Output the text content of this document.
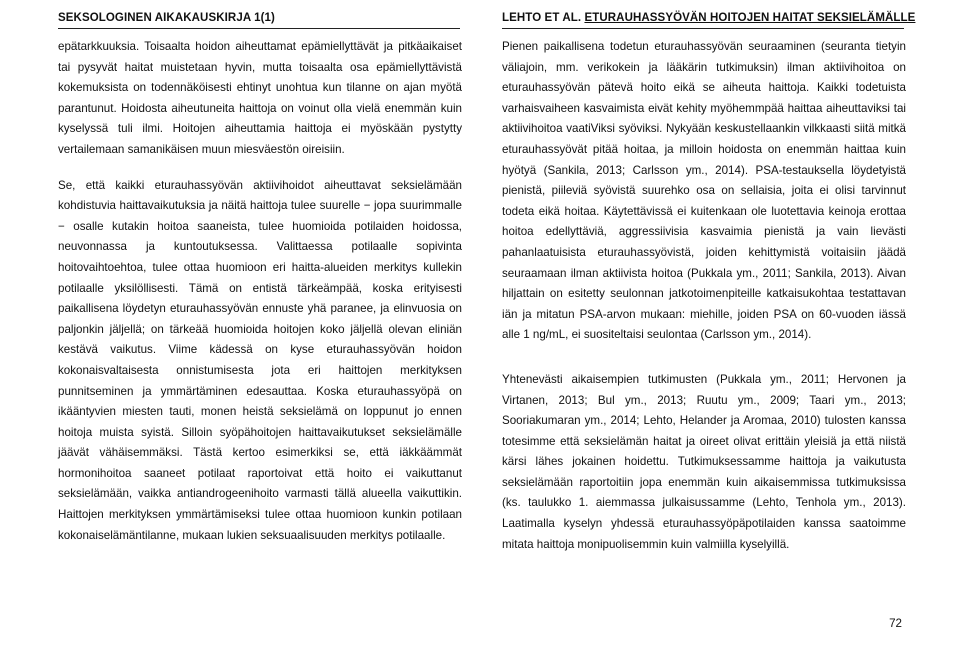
SEKSOLOGINEN AIKAKAUSKIRJA 1(1)	LEHTO ET AL. ETURAUHASSYÖVÄN HOITOJEN HAITAT SEKSIELÄMÄLLE

epätarkkuuksia. Toisaalta hoidon aiheuttamat epämiellyttävät ja pitkäaikaiset tai pysyvät haitat muistetaan hyvin, mutta toisaalta osa epämiellyttävistä kokemuksista on todennäköisesti ehtinyt unohtua kun tilanne on ajan myötä parantunut. Hoidosta aiheutuneita haittoja on voinut olla vielä enemmän kuin kyselyssä tuli ilmi. Hoitojen aiheuttamia haittoja ei myöskään pystytty vertailemaan samanikäisen muun miesväestön oireisiin.

Se, että kaikki eturauhassyövän aktiivihoidot aiheuttavat seksielämään kohdistuvia haittavaikutuksia ja näitä haittoja tulee suurelle − jopa suurimmalle − osalle kutakin hoitoa saaneista, tulee huomioida potilaiden hoidossa, neuvonnassa ja kuntoutuksessa. Valittaessa potilaalle sopivinta hoitovaihtoehtoa, tulee ottaa huomioon eri haitta-alueiden merkitys kullekin potilaalle yksilöllisesti. Tämä on entistä tärkeämpää, koska erityisesti paikallisena löydetyn eturauhassyövän ennuste yhä paranee, ja elinvuosia on paljonkin jäljellä; on tärkeää huomioida hoitojen koko jäljellä olevan eliniän kestävä vaikutus. Viime kädessä on kyse eturauhassyövän hoidon kokonaisvaltaisesta onnistumisesta jota eri haittojen merkityksen punnitseminen ja ymmärtäminen edesauttaa. Koska eturauhassyöpä on ikääntyvien miesten tauti, monen heistä seksielämä on loppunut jo ennen hoitoja muista syistä. Silloin syöpähoitojen haittavaikutukset seksielämälle jäävät vähäisemmäksi. Tästä kertoo esimerkiksi se, että iäkkäämmät hormonihoitoa saaneet potilaat raportoivat että hoito ei vaikuttanut seksielämään, vaikka antiandrogeenihoito varmasti tällä alueella vaikuttikin. Haittojen merkityksen ymmärtämiseksi tulee ottaa huomioon kunkin potilaan kokonaiselämäntilanne, mukaan lukien seksuaalisuuden merkitys potilaalle.

Pienen paikallisena todetun eturauhassyövän seuraaminen (seuranta tietyin väliajoin, mm. verikokein ja lääkärin tutkimuksin) ilman aktiivihoitoa on eturauhassyövän pätevä hoito eikä se aiheuta haittoja. Kaikki todetuista varhaisvaiheen kasvaimista eivät kehity myöhemmpää haittaa aiheuttaviksi tai aktiivihoitoa vaatiViksi syöviksi. Nykyään keskustellaankin vilkkaasti siitä mitkä eturauhassyövät pitää hoitaa, ja milloin hoidosta on enemmän haittaa kuin hyötyä (Sankila, 2013; Carlsson ym., 2014). PSA-testauksella löydetyistä pienistä, piileviä syövistä suurehko osa on sellaisia, joita ei olisi tarvinnut todeta eikä hoitaa. Käytettävissä ei kuitenkaan ole luotettavia keinoja erottaa hoitoa edellyttäviä, aggressiivisia kasvaimia pienistä ja vain lievästi pahanlaatuisista eturauhassyövistä, joiden kehittymistä voitaisiin jäädä seuraamaan ilman aktiivista hoitoa (Pukkala ym., 2011; Sankila, 2013). Aivan hiljattain on esitetty seulonnan jatkotoimenpiteille katkaisukohtaa testattavan iän ja mitatun PSA-arvon mukaan: miehille, joiden PSA on 60-vuoden iässä alle 1 ng/mL, ei suositeltaisi seulontaa (Carlsson ym., 2014).

Yhtenevästi aikaisempien tutkimusten (Pukkala ym., 2011; Hervonen ja Virtanen, 2013; Bul ym., 2013; Ruutu ym., 2009; Taari ym., 2013; Sooriakumaran ym., 2014; Lehto, Helander ja Aromaa, 2010) tulosten kanssa totesimme että seksielämän haitat ja oireet olivat erittäin yleisiä ja että niistä kärsi lähes jokainen hoidettu. Tutkimuksessamme haittoja ja vaikutusta seksielämään raportoitiin jopa enemmän kuin aikaisemmissa tutkimuksissa (ks. taulukko 1. aiemmassa julkaisussamme (Lehto, Tenhola ym., 2013). Laatimalla kyselyn yhdessä eturauhassyöpäpotilaiden kanssa saatoimme mitata haittoja monipuolisemmin kuin valmiilla kyselyillä.

72
